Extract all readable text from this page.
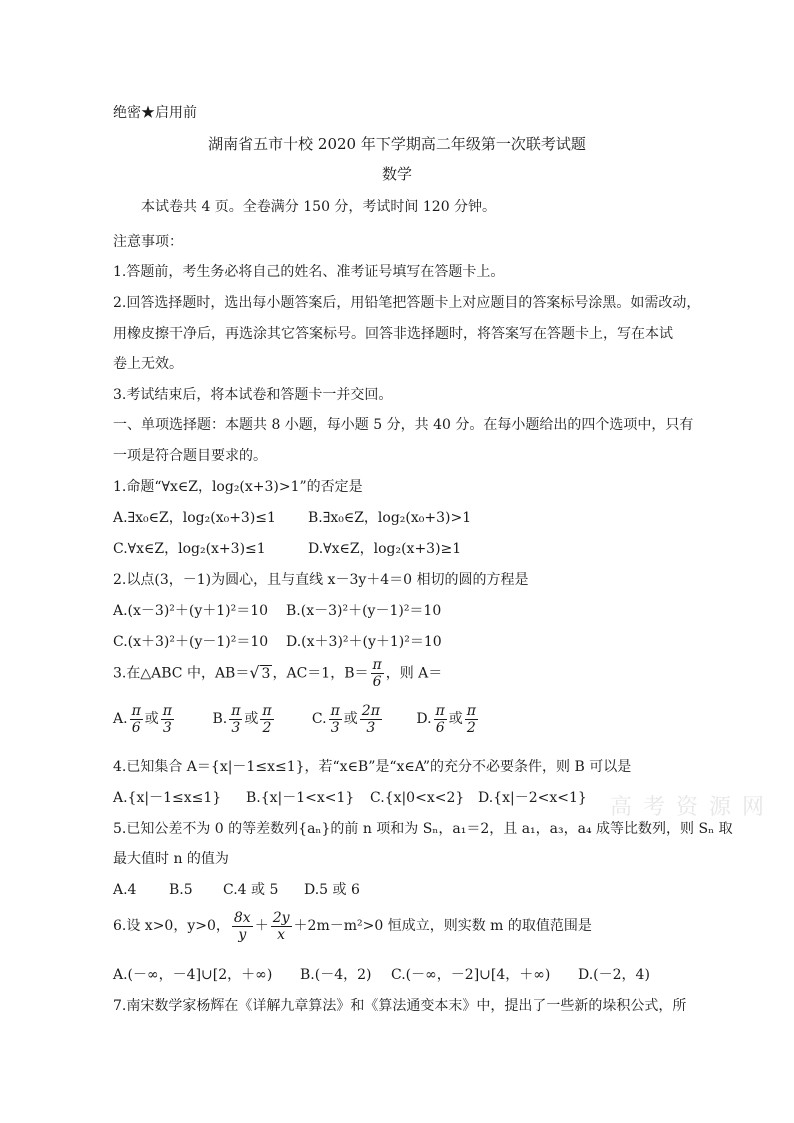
绝密★启用前
湖南省五市十校 2020 年下学期高二年级第一次联考试题
数学
本试卷共 4 页。全卷满分 150 分，考试时间 120 分钟。
注意事项：
1.答题前，考生务必将自己的姓名、准考证号填写在答题卡上。
2.回答选择题时，选出每小题答案后，用铅笔把答题卡上对应题目的答案标号涂黑。如需改动，
用橡皮擦干净后，再选涂其它答案标号。回答非选择题时，将答案写在答题卡上，写在本试
卷上无效。
3.考试结束后，将本试卷和答题卡一并交回。
一、单项选择题：本题共 8 小题，每小题 5 分，共 40 分。在每小题给出的四个选项中，只有
一项是符合题目要求的。
1.命题“∀x∈Z，log₂(x+3)>1”的否定是
A.∃x₀∈Z，log₂(x₀+3)≤1 B.∃x₀∈Z，log₂(x₀+3)>1
C.∀x∈Z，log₂(x+3)≤1	D.∀x∈Z，log₂(x+3)≥1
2.以点(3，－1)为圆心，且与直线 x－3y＋4＝0 相切的圆的方程是
A.(x－3)²＋(y＋1)²＝10 B.(x－3)²＋(y－1)²＝10
C.(x＋3)²＋(y－1)²＝10 D.(x＋3)²＋(y＋1)²＝10
3.在△ABC 中，AB＝√ 3 ，AC＝1，$B= \frac{\pi}{6}$ ，则 A＝
A. $\frac{\pi}{6}$ 或 $\frac{\pi}{3}$	B. $\frac{\pi}{3}$ 或 $\frac{\pi}{2}$	C. $\frac{\pi}{3}$ 或 $\frac{2\pi}{3} D$. $\frac{\pi}{6}$ 或 $\frac{\pi}{2}$
4.已知集合 A＝{x|－1≤x≤1}，若“x∈B”是“x∈A”的充分不必要条件，则 B 可以是
A.{x|－1≤x≤1} B.{x|－1<x<1} C.{x|0<x<2} D.{x|－2<x<1}
5.已知公差不为 0 的等差数列{aₙ}的前 n 项和为 Sₙ，a₁＝2，且 a₁，a₃，a₄ 成等比数列，则 Sₙ 取
最大值时 n 的值为
A.4 B.5 C.4 或 5 D.5 或 6
6.设 x>0，y>0， $\frac{8x}{y} + \frac{2y}{x} +2m-m^2>0$ 恒成立，则实数 m 的取值范围是
A.(－∞，－4]∪[2，＋∞) B.(－4，2) C.(－∞，－2]∪[4，＋∞) D.(－2，4)
7.南宋数学家杨辉在《详解九章算法》和《算法通变本末》中，提出了一些新的垛积公式，所
高 考 资 源 网
